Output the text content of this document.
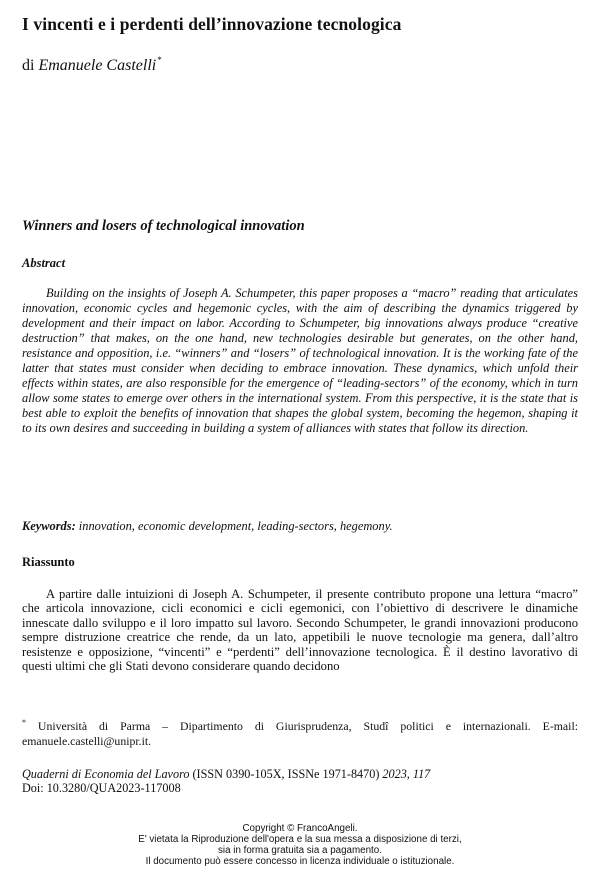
I vincenti e i perdenti dell’innovazione tecnologica
di Emanuele Castelli*
Winners and losers of technological innovation
Abstract

Building on the insights of Joseph A. Schumpeter, this paper proposes a “macro” reading that articulates innovation, economic cycles and hegemonic cycles, with the aim of describing the dynamics triggered by development and their impact on labor. According to Schumpeter, big innovations always produce “creative destruction” that makes, on the one hand, new technologies desirable but generates, on the other hand, resistance and opposition, i.e. “winners” and “losers” of technological innovation. It is the working fate of the latter that states must consider when deciding to embrace innovation. These dynamics, which unfold their effects within states, are also responsible for the emergence of “leading-sectors” of the economy, which in turn allow some states to emerge over others in the international system. From this perspective, it is the state that is best able to exploit the benefits of innovation that shapes the global system, becoming the hegemon, shaping it to its own desires and succeeding in building a system of alliances with states that follow its direction.

Keywords: innovation, economic development, leading-sectors, hegemony.
Riassunto

A partire dalle intuizioni di Joseph A. Schumpeter, il presente contributo propone una lettura “macro” che articola innovazione, cicli economici e cicli egemonici, con l’obiettivo di descrivere le dinamiche innescate dallo sviluppo e il loro impatto sul lavoro. Secondo Schumpeter, le grandi innovazioni producono sempre distruzione creatrice che rende, da un lato, appetibili le nuove tecnologie ma genera, dall’altro resistenze e opposizione, “vincenti” e “perdenti” dell’innovazione tecnologica. È il destino lavorativo di questi ultimi che gli Stati devono considerare quando decidono

* Università di Parma – Dipartimento di Giurisprudenza, Studî politici e internazionali. E-mail: emanuele.castelli@unipr.it.

Quaderni di Economia del Lavoro (ISSN 0390-105X, ISSNe 1971-8470) 2023, 117
Doi: 10.3280/QUA2023-117008
Copyright © FrancoAngeli.
E' vietata la Riproduzione dell'opera e la sua messa a disposizione di terzi,
sia in forma gratuita sia a pagamento.
Il documento può essere concesso in licenza individuale o istituzionale.
